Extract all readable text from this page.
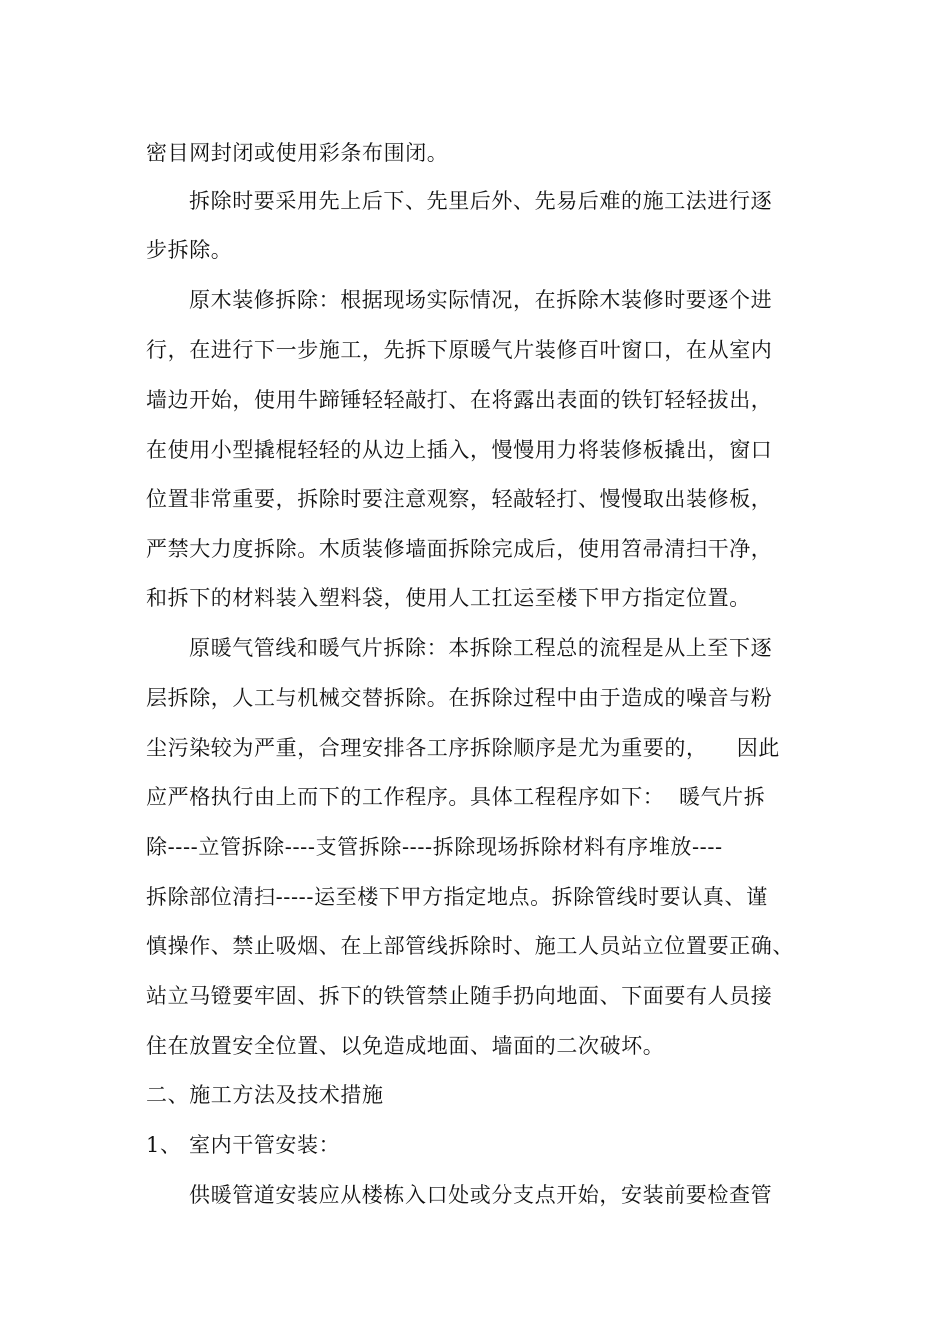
密目网封闭或使用彩条布围闭。
拆除时要采用先上后下、先里后外、先易后难的施工法进行逐
步拆除。
原木装修拆除：根据现场实际情况，在拆除木装修时要逐个进
行，在进行下一步施工，先拆下原暖气片装修百叶窗口，在从室内
墙边开始，使用牛蹄锤轻轻敲打、在将露出表面的铁钉轻轻拔出，
在使用小型撬棍轻轻的从边上插入，慢慢用力将装修板撬出，窗口
位置非常重要，拆除时要注意观察，轻敲轻打、慢慢取出装修板，
严禁大力度拆除。木质装修墙面拆除完成后，使用笤帚清扫干净，
和拆下的材料装入塑料袋，使用人工扛运至楼下甲方指定位置。
原暖气管线和暖气片拆除：本拆除工程总的流程是从上至下逐
层拆除，人工与机械交替拆除。在拆除过程中由于造成的噪音与粉
尘污染较为严重，合理安排各工序拆除顺序是尤为重要的，    因此
应严格执行由上而下的工作程序。具体工程程序如下：  暖气片拆
除----立管拆除----支管拆除----拆除现场拆除材料有序堆放----
拆除部位清扫-----运至楼下甲方指定地点。拆除管线时要认真、谨
慎操作、禁止吸烟、在上部管线拆除时、施工人员站立位置要正确、
站立马镫要牢固、拆下的铁管禁止随手扔向地面、下面要有人员接
住在放置安全位置、以免造成地面、墙面的二次破坏。
二、施工方法及技术措施
1、 室内干管安装：
供暖管道安装应从楼栋入口处或分支点开始，安装前要检查管
